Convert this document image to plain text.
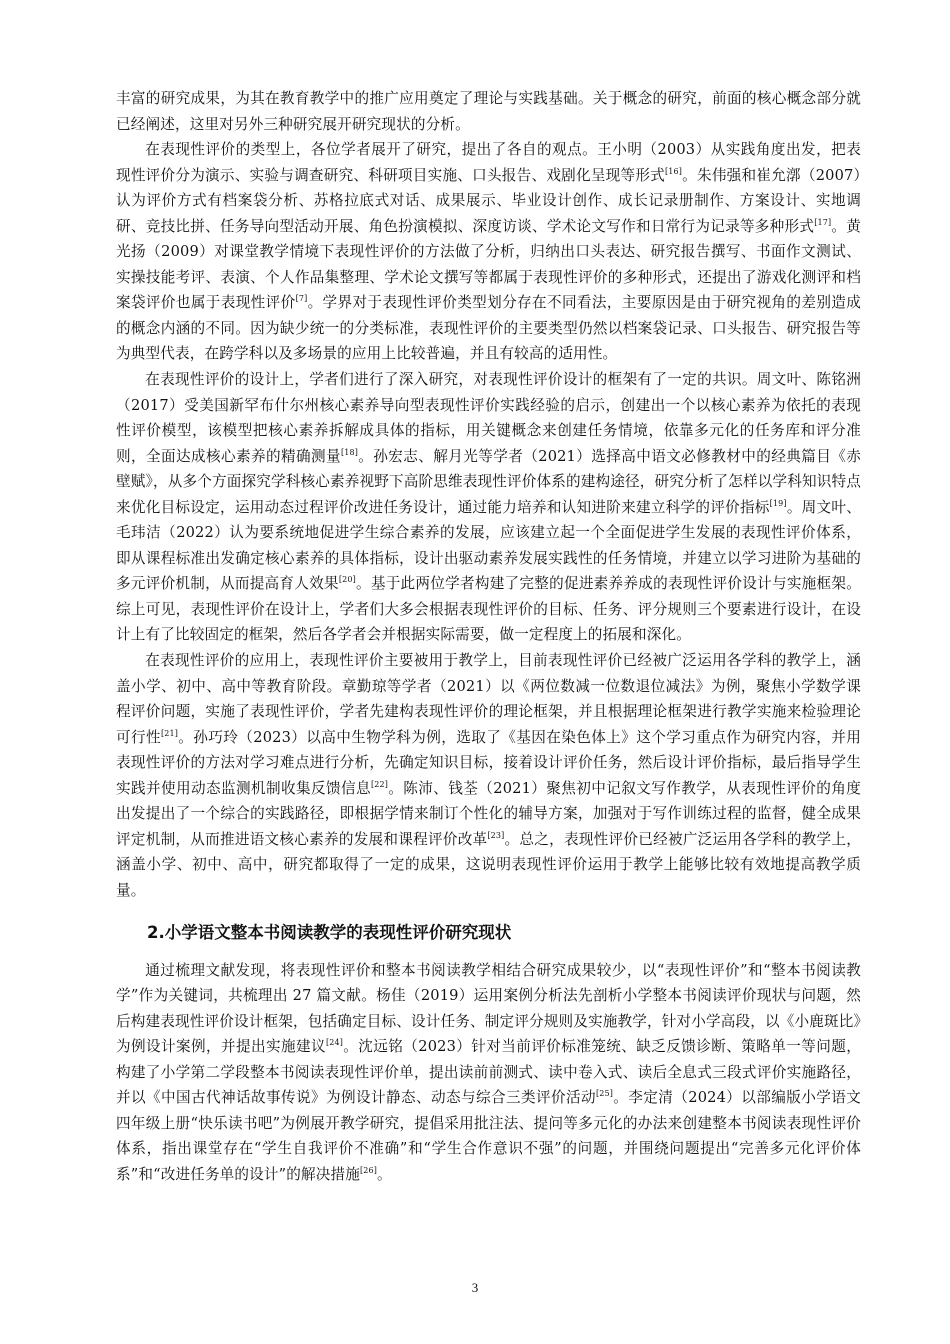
丰富的研究成果，为其在教育教学中的推广应用奠定了理论与实践基础。关于概念的研究，前面的核心概念部分就已经阐述，这里对另外三种研究展开研究现状的分析。

在表现性评价的类型上，各位学者展开了研究，提出了各自的观点。王小明（2003）从实践角度出发，把表现性评价分为演示、实验与调查研究、科研项目实施、口头报告、戏剧化呈现等形式[16]。朱伟强和崔允漷（2007）认为评价方式有档案袋分析、苏格拉底式对话、成果展示、毕业设计创作、成长记录册制作、方案设计、实地调研、竞技比拼、任务导向型活动开展、角色扮演模拟、深度访谈、学术论文写作和日常行为记录等多种形式[17]。黄光扬（2009）对课堂教学情境下表现性评价的方法做了分析，归纳出口头表达、研究报告撰写、书面作文测试、实操技能考评、表演、个人作品集整理、学术论文撰写等都属于表现性评价的多种形式，还提出了游戏化测评和档案袋评价也属于表现性评价[7]。学界对于表现性评价类型划分存在不同看法，主要原因是由于研究视角的差别造成的概念内涵的不同。因为缺少统一的分类标准，表现性评价的主要类型仍然以档案袋记录、口头报告、研究报告等为典型代表，在跨学科以及多场景的应用上比较普遍，并且有较高的适用性。

在表现性评价的设计上，学者们进行了深入研究，对表现性评价设计的框架有了一定的共识。周文叶、陈铭洲（2017）受美国新罕布什尔州核心素养导向型表现性评价实践经验的启示，创建出一个以核心素养为依托的表现性评价模型，该模型把核心素养拆解成具体的指标，用关键概念来创建任务情境，依靠多元化的任务库和评分准则，全面达成核心素养的精确测量[18]。孙宏志、解月光等学者（2021）选择高中语文必修教材中的经典篇目《赤壁赋》，从多个方面探究学科核心素养视野下高阶思维表现性评价体系的建构途径，研究分析了怎样以学科知识特点来优化目标设定，运用动态过程评价改进任务设计，通过能力培养和认知进阶来建立科学的评价指标[19]。周文叶、毛玮洁（2022）认为要系统地促进学生综合素养的发展，应该建立起一个全面促进学生发展的表现性评价体系，即从课程标准出发确定核心素养的具体指标，设计出驱动素养发展实践性的任务情境，并建立以学习进阶为基础的多元评价机制，从而提高育人效果[20]。基于此两位学者构建了完整的促进素养养成的表现性评价设计与实施框架。综上可见，表现性评价在设计上，学者们大多会根据表现性评价的目标、任务、评分规则三个要素进行设计，在设计上有了比较固定的框架，然后各学者会并根据实际需要，做一定程度上的拓展和深化。

在表现性评价的应用上，表现性评价主要被用于教学上，目前表现性评价已经被广泛运用各学科的教学上，涵盖小学、初中、高中等教育阶段。章勤琼等学者（2021）以《两位数减一位数退位减法》为例，聚焦小学数学课程评价问题，实施了表现性评价，学者先建构表现性评价的理论框架，并且根据理论框架进行教学实施来检验理论可行性[21]。孙巧玲（2023）以高中生物学科为例，选取了《基因在染色体上》这个学习重点作为研究内容，并用表现性评价的方法对学习难点进行分析，先确定知识目标，接着设计评价任务，然后设计评价指标，最后指导学生实践并使用动态监测机制收集反馈信息[22]。陈沛、钱荃（2021）聚焦初中记叙文写作教学，从表现性评价的角度出发提出了一个综合的实践路径，即根据学情来制订个性化的辅导方案，加强对于写作训练过程的监督，健全成果评定机制，从而推进语文核心素养的发展和课程评价改革[23]。总之，表现性评价已经被广泛运用各学科的教学上，涵盖小学、初中、高中，研究都取得了一定的成果，这说明表现性评价运用于教学上能够比较有效地提高教学质量。

2.小学语文整本书阅读教学的表现性评价研究现状

通过梳理文献发现，将表现性评价和整本书阅读教学相结合研究成果较少，以“表现性评价”和“整本书阅读教学”作为关键词，共梳理出 27 篇文献。杨佳（2019）运用案例分析法先剖析小学整本书阅读评价现状与问题，然后构建表现性评价设计框架，包括确定目标、设计任务、制定评分规则及实施教学，针对小学高段，以《小鹿斑比》为例设计案例，并提出实施建议[24]。沈远铭（2023）针对当前评价标准笼统、缺乏反馈诊断、策略单一等问题，构建了小学第二学段整本书阅读表现性评价单，提出读前前测式、读中卷入式、读后全息式三段式评价实施路径，并以《中国古代神话故事传说》为例设计静态、动态与综合三类评价活动[25]。李定清（2024）以部编版小学语文四年级上册“快乐读书吧”为例展开教学研究，提倡采用批注法、提问等多元化的办法来创建整本书阅读表现性评价体系，指出课堂存在“学生自我评价不准确”和“学生合作意识不强”的问题，并围绕问题提出“完善多元化评价体系”和“改进任务单的设计”的解决措施[26]。

3
